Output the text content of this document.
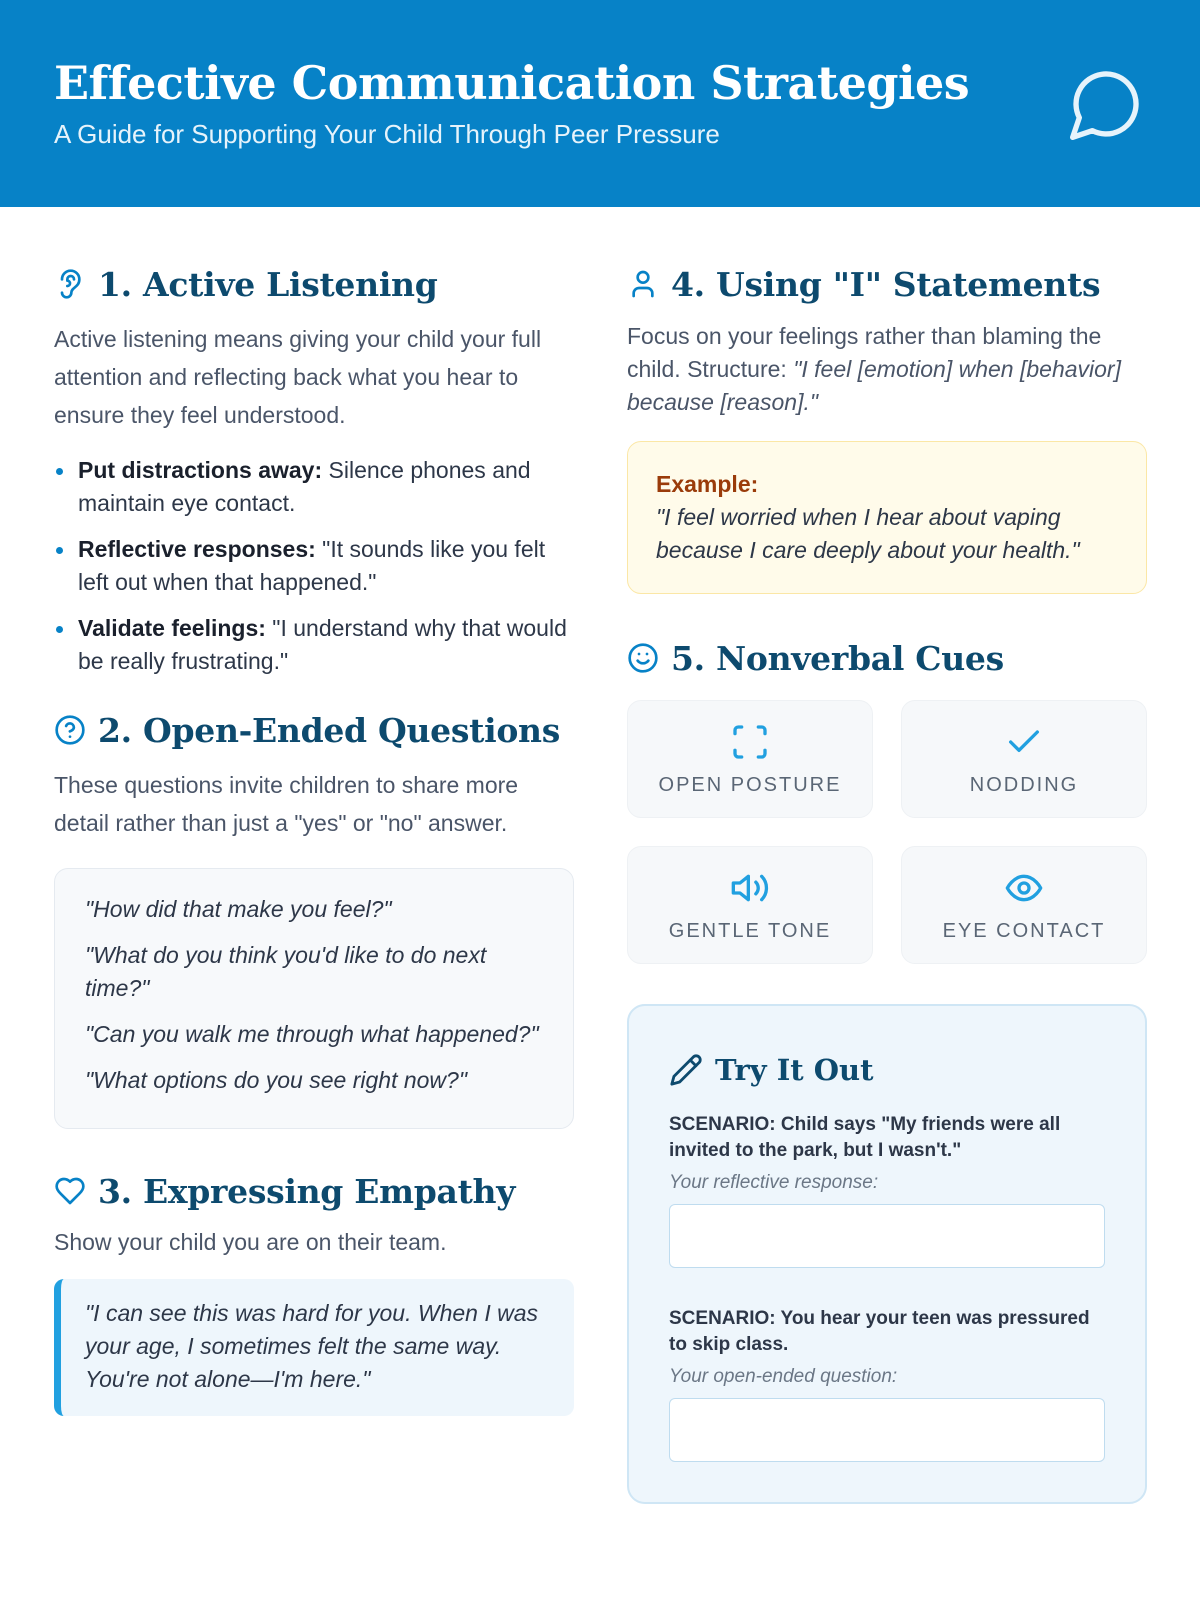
Effective Communication Strategies
A Guide for Supporting Your Child Through Peer Pressure
1. Active Listening

Active listening means giving your child your full attention and reflecting back what you hear to ensure they feel understood.

Put distractions away: Silence phones and maintain eye contact.
Reflective responses: "It sounds like you felt left out when that happened."
Validate feelings: "I understand why that would be really frustrating."
2. Open-Ended Questions

These questions invite children to share more detail rather than just a "yes" or "no" answer.

"How did that make you feel?"

"What do you think you'd like to do next time?"

"Can you walk me through what happened?"

"What options do you see right now?"

3. Expressing Empathy

Show your child you are on their team.

"I can see this was hard for you. When I was your age, I sometimes felt the same way. You're not alone—I'm here."

4. Using "I" Statements

Focus on your feelings rather than blaming the child. Structure: "I feel [emotion] when [behavior] because [reason]."

Example:
"I feel worried when I hear about vaping because I care deeply about your health."
5. Nonverbal Cues
OPEN POSTURE	NODDING
GENTLE TONE	EYE CONTACT
Try It Out
SCENARIO: Child says "My friends were all invited to the park, but I wasn't."
Your reflective response:
SCENARIO: You hear your teen was pressured to skip class.
Your open-ended question:
